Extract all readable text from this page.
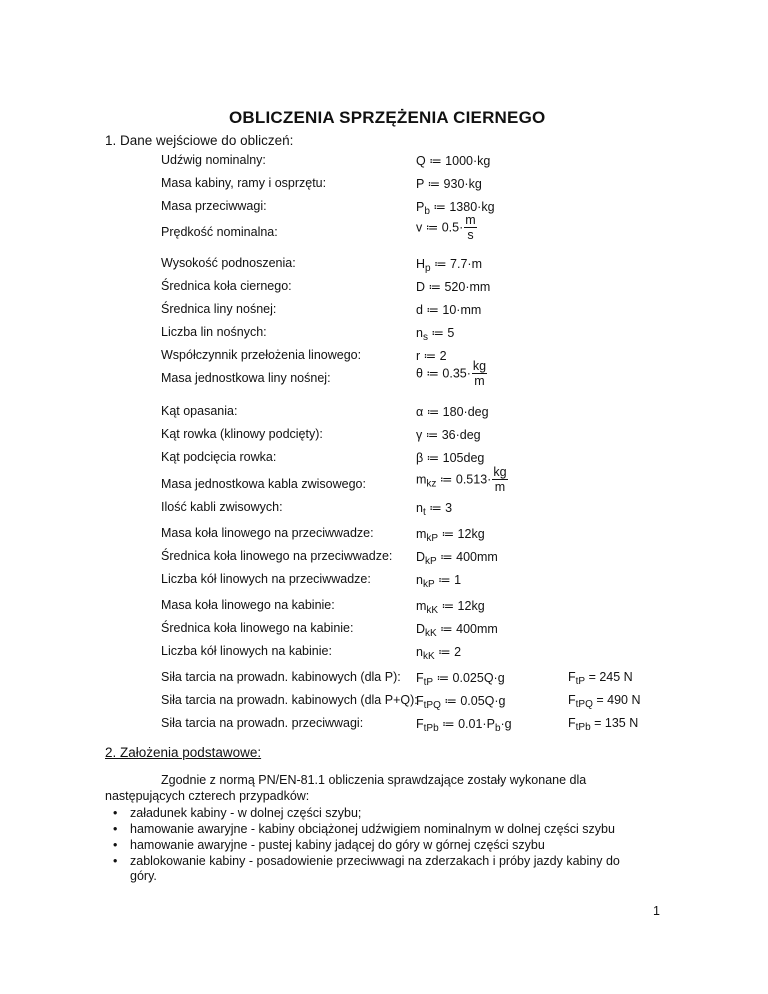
OBLICZENIA SPRZĘŻENIA CIERNEGO
1. Dane wejściowe do obliczeń:
Udźwig nominalny:	Q ≔ 1000·kg
Masa kabiny, ramy i osprzętu:	P ≔ 930·kg
Masa przeciwwagi:	$P_b$ ≔ 1380·kg
Prędkość nominalna:	v ≔ $0.5\cdot \frac{m}{s}$
Wysokość podnoszenia:	$H_p$ ≔ 7.7·m
Średnica koła ciernego:	D ≔ 520·mm
Średnica liny nośnej:	d ≔ 10·mm
Liczba lin nośnych:	$n_s$ ≔ 5
Współczynnik przełożenia linowego:	r ≔ 2
Masa jednostkowa liny nośnej:	θ ≔ $0.35\cdot \frac{kg}{m}$
Kąt opasania:	α ≔ 180·deg
Kąt rowka (klinowy podcięty):	γ ≔ 36·deg
Kąt podcięcia rowka:	β ≔ 105deg
Masa jednostkowa kabla zwisowego:	$m_{kz}$ ≔ $0.513\cdot \frac{kg}{m}$
Ilość kabli zwisowych:	$n_t$ ≔ 3
Masa koła linowego na przeciwwadze:	$m_{kP}$ ≔ 12kg
Średnica koła linowego na przeciwwadze: $D_{kP}$ ≔ 400mm
Liczba kół linowych na przeciwwadze:	$n_{kP}$ ≔ 1
Masa koła linowego na kabinie:	$m_{kK}$ ≔ 12kg
Średnica koła linowego na kabinie:	$D_{kK}$ ≔ 400mm
Liczba kół linowych na kabinie:	$n_{kK}$ ≔ 2
Siła tarcia na prowadn. kabinowych (dla P): $F_{tP}$ ≔ 0.025Q·g	$F_{tP} = 245$ N
Siła tarcia na prowadn. kabinowych (dla P+Q):
$F_{tPQ}$ ≔ 0.05Q·g	$F_{tPQ} = 490$ N
Siła tarcia na prowadn. przeciwwagi:	$F_{tPb}$ ≔ $0.01\cdot P_b\cdot g$	$F_{tPb} = 135$ N
2. Założenia podstawowe:
Zgodnie z normą PN/EN-81.1 obliczenia sprawdzające zostały wykonane dla
następujących czterech przypadków:
• załadunek kabiny - w dolnej części szybu;
• hamowanie awaryjne - kabiny obciążonej udźwigiem nominalnym w dolnej części szybu
• hamowanie awaryjne - pustej kabiny jadącej do góry w górnej części szybu
• zablokowanie kabiny - posadowienie przeciwwagi na zderzakach i próby jazdy kabiny do
góry.
1
